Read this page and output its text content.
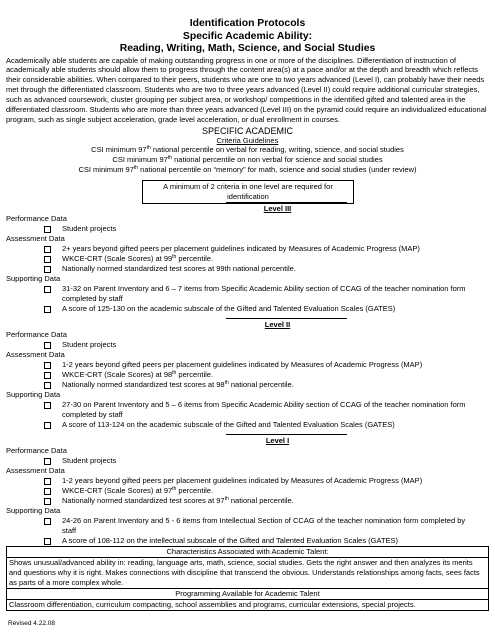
Identification Protocols
Specific Academic Ability:
Reading, Writing, Math, Science, and Social Studies
Academically able students are capable of making outstanding progress in one or more of the disciplines. Differentiation of instruction of academically able students should allow them to progress through the content area(s) at a pace and/or at the depth and breadth which reflects their considerable abilities. When compared to their peers, students who are one to two years advanced (Level I), can probably have their needs met through the differentiated classroom. Students who are two to three years advanced (Level II) could require additional curricular strategies, such as advanced coursework, cluster grouping per subject area, or workshop/ competitions in the identified gifted and talented area in the differentiated classroom. Students who are more than three years advanced (Level III) on the pyramid could require an individualized educational program, such as single subject acceleration, grade level acceleration, or dual enrollment in courses.
SPECIFIC ACADEMIC
Criteria Guidelines
CSI minimum 97th national percentile on verbal for reading, writing, science, and social studies
CSI minimum 97th national percentile on non verbal for science and social studies
CSI minimum 97th national percentile on “memory” for math, science and social studies (under review)
A minimum of 2 criteria in one level are required for identification
Level III
Performance Data
Student projects
Assessment Data
2+ years beyond gifted peers per placement guidelines indicated by Measures of Academic Progress (MAP)
WKCE-CRT (Scale Scores) at 99th percentile.
Nationally normed standardized test scores at 99th national percentile.
Supporting Data
31-32 on Parent Inventory and 6 – 7 items from Specific Academic Ability section of CCAG of the teacher nomination form completed by staff
A score of 125-130 on the academic subscale of the Gifted and Talented Evaluation Scales (GATES)
Level II
Performance Data
Student projects
Assessment Data
1-2 years beyond gifted peers per placement guidelines indicated by Measures of Academic Progress (MAP)
WKCE-CRT (Scale Scores) at 98th percentile.
Nationally normed standardized test scores at 98th national percentile.
Supporting Data
27-30 on Parent Inventory and 5 – 6 items from Specific Academic Ability section of CCAG of the teacher nomination form completed by staff
A score of 113-124 on the academic subscale of the Gifted and Talented Evaluation Scales (GATES)
Level I
Performance Data
Student projects
Assessment Data
1-2 years beyond gifted peers per placement guidelines indicated by Measures of Academic Progress (MAP)
WKCE-CRT (Scale Scores) at 97th percentile.
Nationally normed standardized test scores at 97th national percentile.
Supporting Data
24-26 on Parent Inventory and 5 - 6 items from Intellectual Section of CCAG of the teacher nomination form completed by staff
A score of 108-112 on the intellectual subscale of the Gifted and Talented Evaluation Scales (GATES)
Characteristics Associated with Academic Talent:
Shows unusual/advanced ability in: reading, language arts, math, science, social studies. Gets the right answer and then analyzes its merits and questions why it is right. Makes connections with discipline that transcend the obvious. Understands relationships among facts, sees facts as parts of a more complex whole.
Programming Available for Academic Talent
Classroom differentiation, curriculum compacting, school assemblies and programs, curricular extensions, special projects.
Revised 4.22.08
